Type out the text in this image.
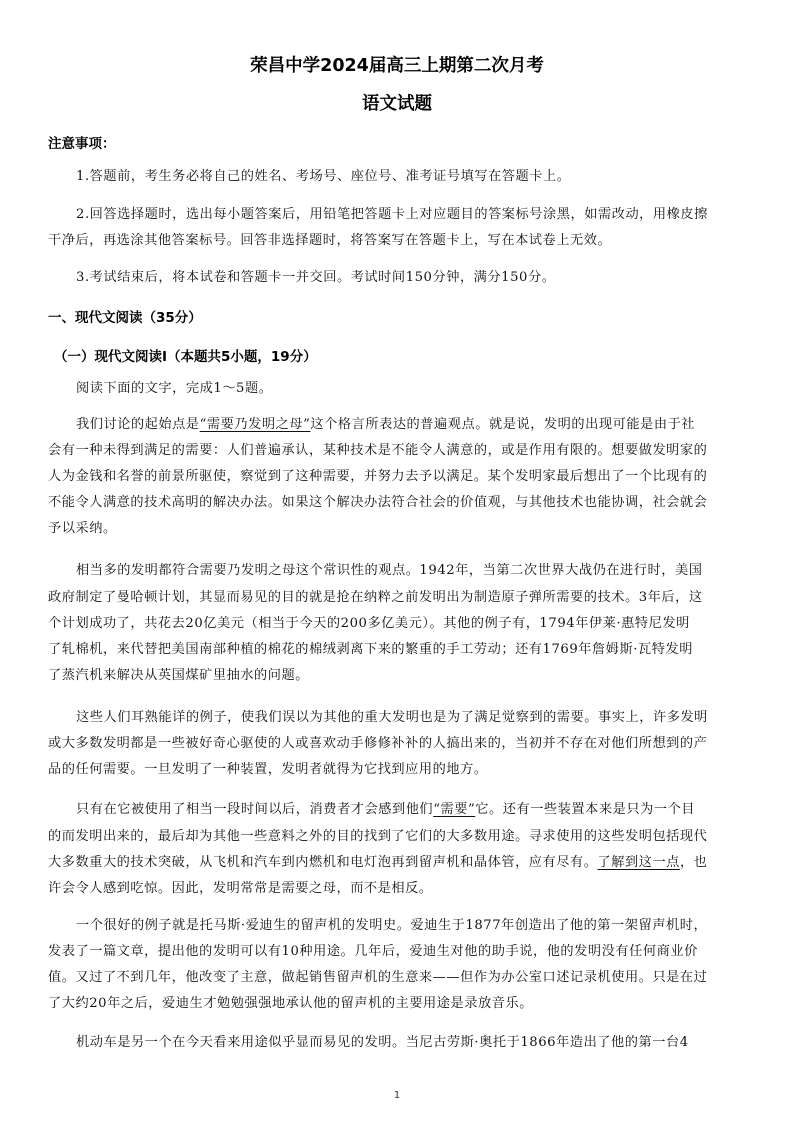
荣昌中学2024届高三上期第二次月考
语文试题
注意事项：
1.答题前，考生务必将自己的姓名、考场号、座位号、准考证号填写在答题卡上。
2.回答选择题时，选出每小题答案后，用铅笔把答题卡上对应题目的答案标号涂黑，如需改动，用橡皮擦
干净后，再选涂其他答案标号。回答非选择题时，将答案写在答题卡上，写在本试卷上无效。
3.考试结束后，将本试卷和答题卡一并交回。考试时间150分钟，满分150分。
一、现代文阅读（35分）
（一）现代文阅读Ⅰ（本题共5小题，19分）
阅读下面的文字，完成1～5题。
我们讨论的起始点是“需要乃发明之母”这个格言所表达的普遍观点。就是说，发明的出现可能是由于社
会有一种未得到满足的需要：人们普遍承认，某种技术是不能令人满意的，或是作用有限的。想要做发明家的
人为金钱和名誉的前景所驱使，察觉到了这种需要，并努力去予以满足。某个发明家最后想出了一个比现有的
不能令人满意的技术高明的解决办法。如果这个解决办法符合社会的价值观，与其他技术也能协调，社会就会
予以采纳。
相当多的发明都符合需要乃发明之母这个常识性的观点。1942年，当第二次世界大战仍在进行时，美国
政府制定了曼哈顿计划，其显而易见的目的就是抢在纳粹之前发明出为制造原子弹所需要的技术。3年后，这
个计划成功了，共花去20亿美元（相当于今天的200多亿美元）。其他的例子有，1794年伊莱·惠特尼发明
了轧棉机，来代替把美国南部种植的棉花的棉绒剥离下来的繁重的手工劳动；还有1769年詹姆斯·瓦特发明
了蒸汽机来解决从英国煤矿里抽水的问题。
这些人们耳熟能详的例子，使我们误以为其他的重大发明也是为了满足觉察到的需要。事实上，许多发明
或大多数发明都是一些被好奇心驱使的人或喜欢动手修修补补的人搞出来的，当初并不存在对他们所想到的产
品的任何需要。一旦发明了一种装置，发明者就得为它找到应用的地方。
只有在它被使用了相当一段时间以后，消费者才会感到他们“需要”它。还有一些装置本来是只为一个目
的而发明出来的，最后却为其他一些意料之外的目的找到了它们的大多数用途。寻求使用的这些发明包括现代
大多数重大的技术突破，从飞机和汽车到内燃机和电灯泡再到留声机和晶体管，应有尽有。了解到这一点，也
许会令人感到吃惊。因此，发明常常是需要之母，而不是相反。
一个很好的例子就是托马斯·爱迪生的留声机的发明史。爱迪生于1877年创造出了他的第一架留声机时，
发表了一篇文章，提出他的发明可以有10种用途。几年后，爱迪生对他的助手说，他的发明没有任何商业价
值。又过了不到几年，他改变了主意，做起销售留声机的生意来——但作为办公室口述记录机使用。只是在过
了大约20年之后，爱迪生才勉勉强强地承认他的留声机的主要用途是录放音乐。
机动车是另一个在今天看来用途似乎显而易见的发明。当尼古劳斯·奥托于1866年造出了他的第一台4
1
